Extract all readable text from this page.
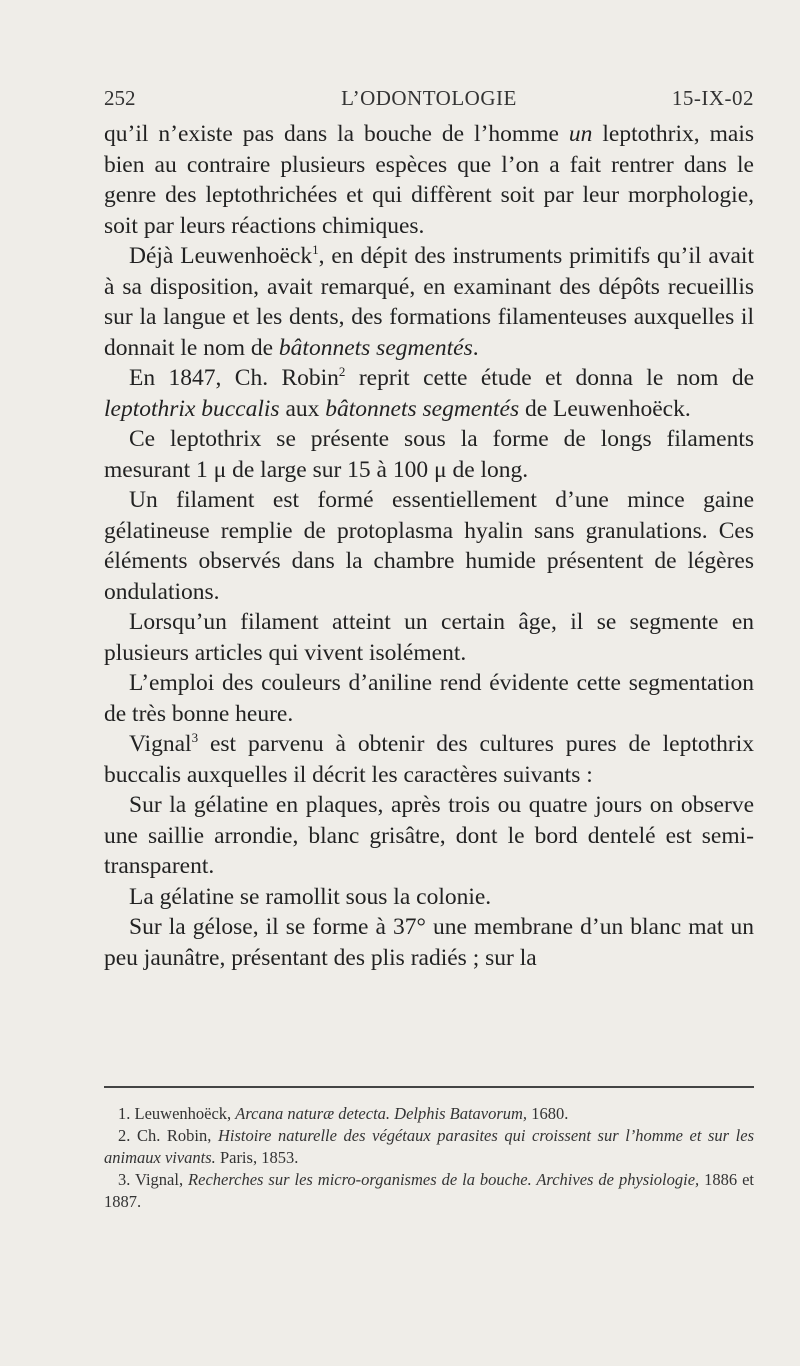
252	L’ODONTOLOGIE	15-IX-02

qu’il n’existe pas dans la bouche de l’homme un leptothrix, mais bien au contraire plusieurs espèces que l’on a fait rentrer dans le genre des leptothrichées et qui diffèrent soit par leur morphologie, soit par leurs réactions chimiques.

Déjà Leuwenhoëck$^1$, en dépit des instruments primitifs qu’il avait à sa disposition, avait remarqué, en examinant des dépôts recueillis sur la langue et les dents, des formations filamenteuses auxquelles il donnait le nom de bâtonnets segmentés.

En 1847, Ch. Robin$^2$ reprit cette étude et donna le nom de leptothrix buccalis aux bâtonnets segmentés de Leuwenhoëck.

Ce leptothrix se présente sous la forme de longs filaments mesurant 1 μ de large sur 15 à 100 μ de long.

Un filament est formé essentiellement d’une mince gaine gélatineuse remplie de protoplasma hyalin sans granulations. Ces éléments observés dans la chambre humide présentent de légères ondulations.

Lorsqu’un filament atteint un certain âge, il se segmente en plusieurs articles qui vivent isolément.

L’emploi des couleurs d’aniline rend évidente cette segmentation de très bonne heure.

Vignal$^3$ est parvenu à obtenir des cultures pures de leptothrix buccalis auxquelles il décrit les caractères suivants :

Sur la gélatine en plaques, après trois ou quatre jours on observe une saillie arrondie, blanc grisâtre, dont le bord dentelé est semi-transparent.

La gélatine se ramollit sous la colonie.

Sur la gélose, il se forme à 37° une membrane d’un blanc mat un peu jaunâtre, présentant des plis radiés ; sur la

1. Leuwenhoëck, Arcana naturæ detecta. Delphis Batavorum, 1680.

2. Ch. Robin, Histoire naturelle des végétaux parasites qui croissent sur l’homme et sur les animaux vivants. Paris, 1853.

3. Vignal, Recherches sur les micro-organismes de la bouche. Archives de physiologie, 1886 et 1887.
